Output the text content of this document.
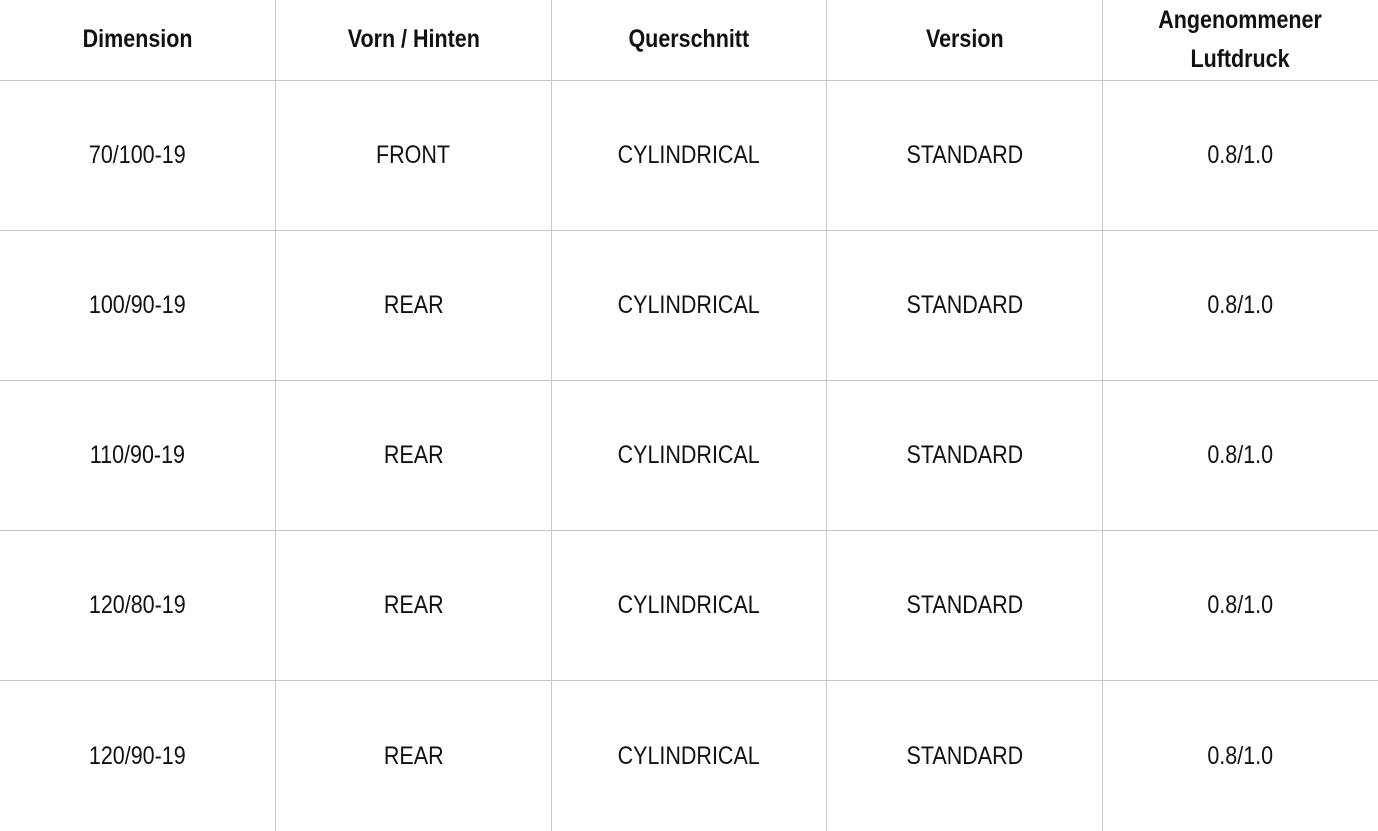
Dimension	Vorn / Hinten	Querschnitt	Version	Angenommener Luftdruck
70/100-19	FRONT	CYLINDRICAL	STANDARD	0.8/1.0
100/90-19	REAR	CYLINDRICAL	STANDARD	0.8/1.0
110/90-19	REAR	CYLINDRICAL	STANDARD	0.8/1.0
120/80-19	REAR	CYLINDRICAL	STANDARD	0.8/1.0
120/90-19	REAR	CYLINDRICAL	STANDARD	0.8/1.0
